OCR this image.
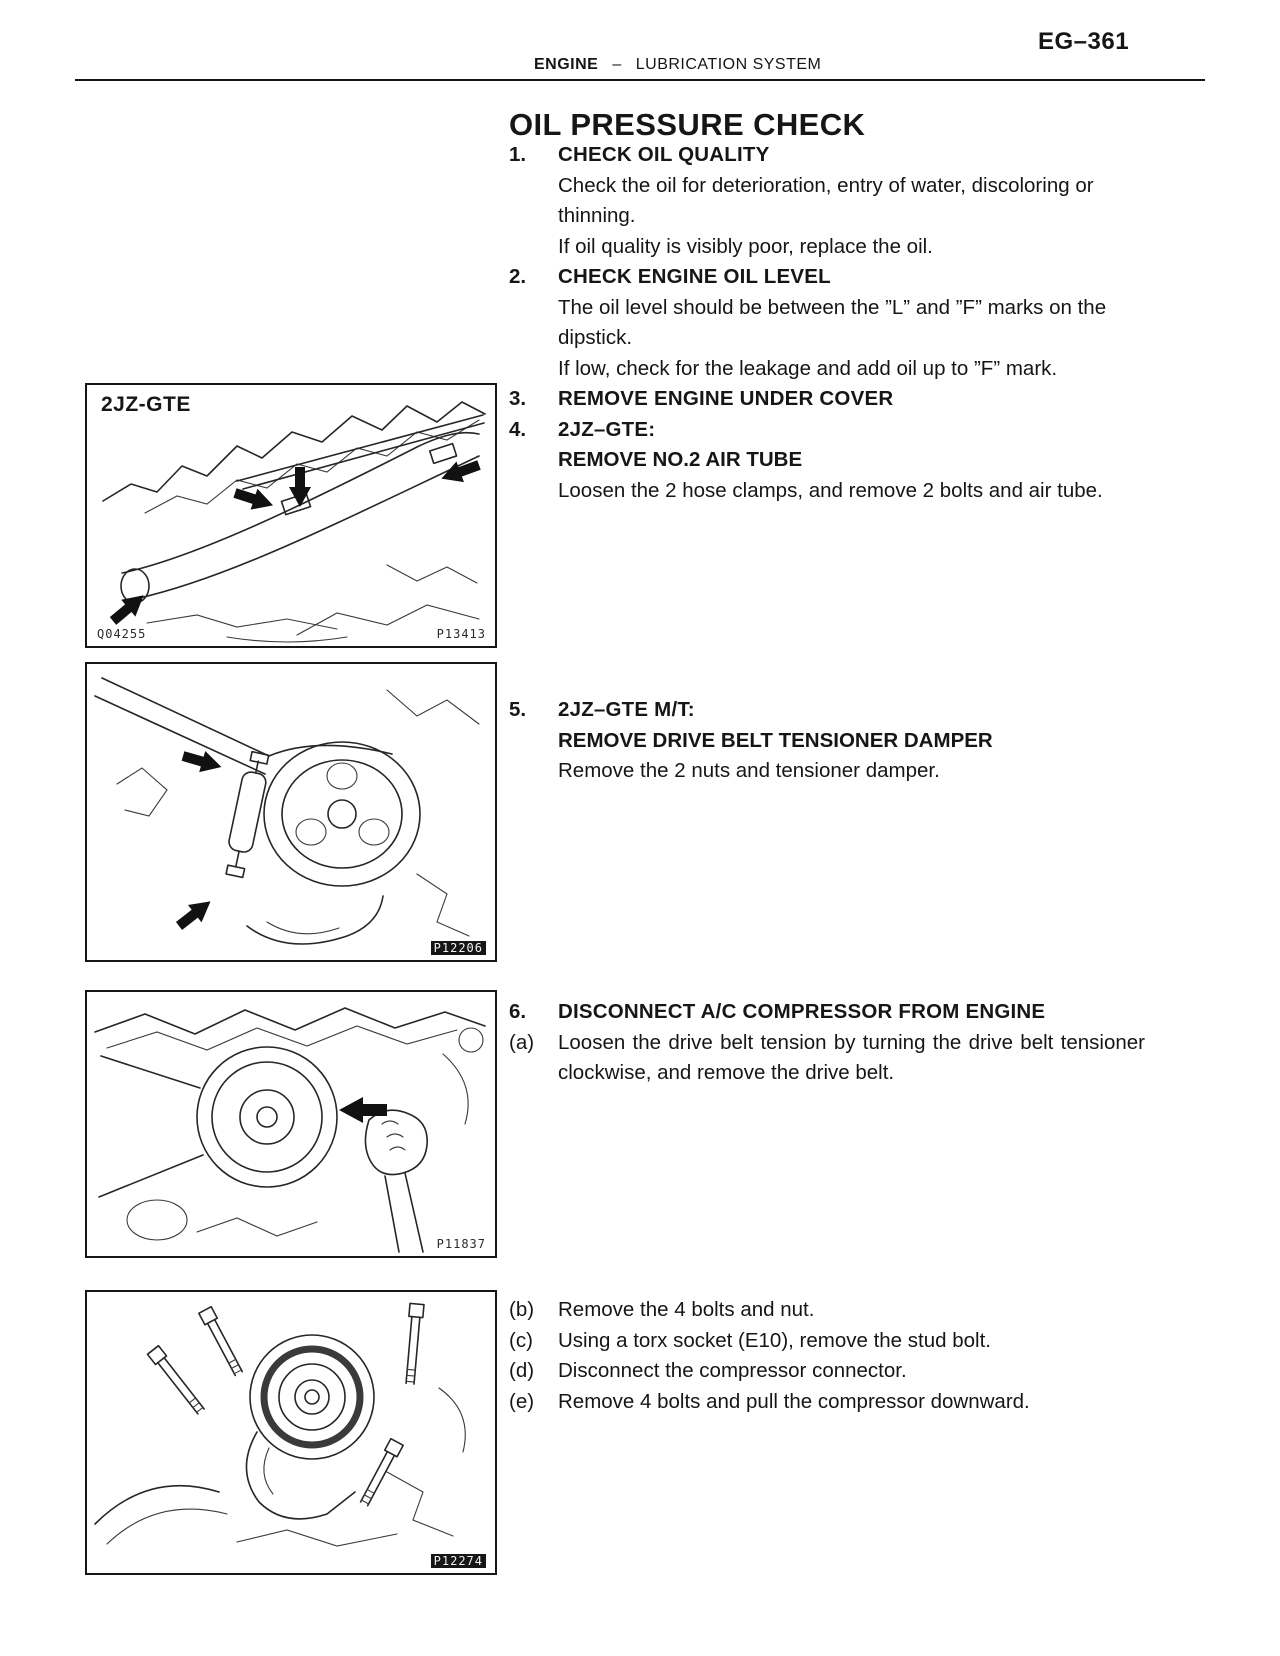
EG–361
ENGINE – LUBRICATION SYSTEM
OIL PRESSURE CHECK
1.	CHECK OIL QUALITY
Check the oil for deterioration, entry of water, discoloring or thinning.
If oil quality is visibly poor, replace the oil.
2.	CHECK ENGINE OIL LEVEL
The oil level should be between the ”L” and ”F” marks on the dipstick.
If low, check for the leakage and add oil up to ”F” mark.
3.	REMOVE ENGINE UNDER COVER
4.	2JZ–GTE:
REMOVE NO.2 AIR TUBE
Loosen the 2 hose clamps, and remove 2 bolts and air tube.
5.	2JZ–GTE M/T:
REMOVE DRIVE BELT TENSIONER DAMPER
Remove the 2 nuts and tensioner damper.
6.	DISCONNECT A/C COMPRESSOR FROM ENGINE
(a)	Loosen the drive belt tension by turning the drive belt tensioner clockwise, and remove the drive belt.
(b)	Remove the 4 bolts and nut.
(c)	Using a torx socket (E10), remove the stud bolt.
(d)	Disconnect the compressor connector.
(e)	Remove 4 bolts and pull the compressor downward.
2JZ-GTE
Q04255	P13413
P12206
P11837
P12274
